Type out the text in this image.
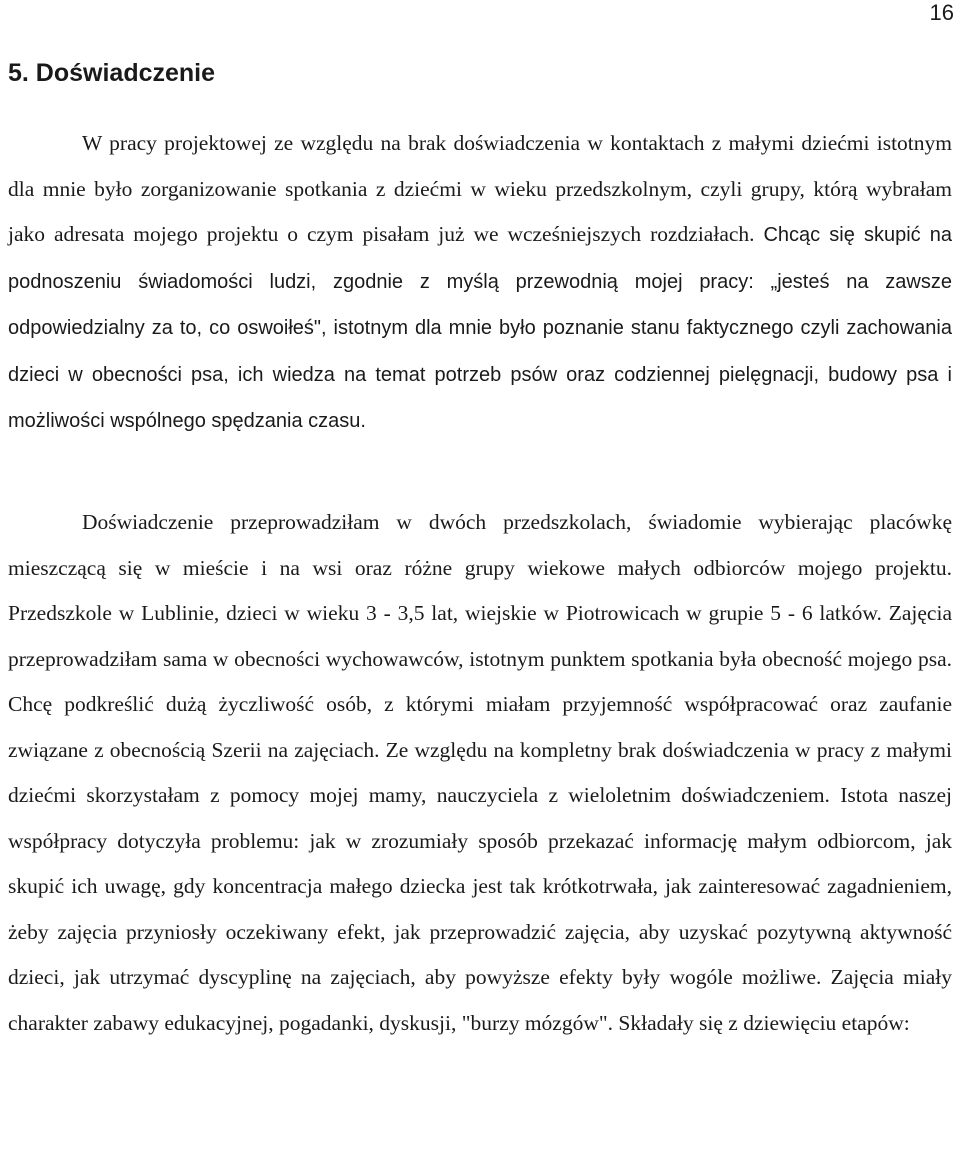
16
5. Doświadczenie

W pracy projektowej ze względu na brak doświadczenia w kontaktach z małymi dziećmi istotnym dla mnie było zorganizowanie spotkania z dziećmi w wieku przedszkolnym, czyli grupy, którą wybrałam jako adresata mojego projektu o czym pisałam już we wcześniejszych rozdziałach. Chcąc się skupić na podnoszeniu świadomości ludzi, zgodnie z myślą przewodnią mojej pracy: „jesteś na zawsze odpowiedzialny za to, co oswoiłeś", istotnym dla mnie było poznanie stanu faktycznego czyli zachowania dzieci w obecności psa, ich wiedza na temat potrzeb psów oraz codziennej pielęgnacji, budowy psa i możliwości wspólnego spędzania czasu.

Doświadczenie przeprowadziłam w dwóch przedszkolach, świadomie wybierając placówkę mieszczącą się w mieście i na wsi oraz różne grupy wiekowe małych odbiorców mojego projektu. Przedszkole w Lublinie, dzieci w wieku 3 - 3,5 lat, wiejskie w Piotrowicach w grupie 5 - 6 latków. Zajęcia przeprowadziłam sama w obecności wychowawców, istotnym punktem spotkania była obecność mojego psa. Chcę podkreślić dużą życzliwość osób, z którymi miałam przyjemność współpracować oraz zaufanie związane z obecnością Szerii na zajęciach. Ze względu na kompletny brak doświadczenia w pracy z małymi dziećmi skorzystałam z pomocy mojej mamy, nauczyciela z wieloletnim doświadczeniem. Istota naszej współpracy dotyczyła problemu: jak w zrozumiały sposób przekazać informację małym odbiorcom, jak skupić ich uwagę, gdy koncentracja małego dziecka jest tak krótkotrwała, jak zainteresować zagadnieniem, żeby zajęcia przyniosły oczekiwany efekt, jak przeprowadzić zajęcia, aby uzyskać pozytywną aktywność dzieci, jak utrzymać dyscyplinę na zajęciach, aby powyższe efekty były wogóle możliwe. Zajęcia miały charakter zabawy edukacyjnej, pogadanki, dyskusji, "burzy mózgów". Składały się z dziewięciu etapów:
